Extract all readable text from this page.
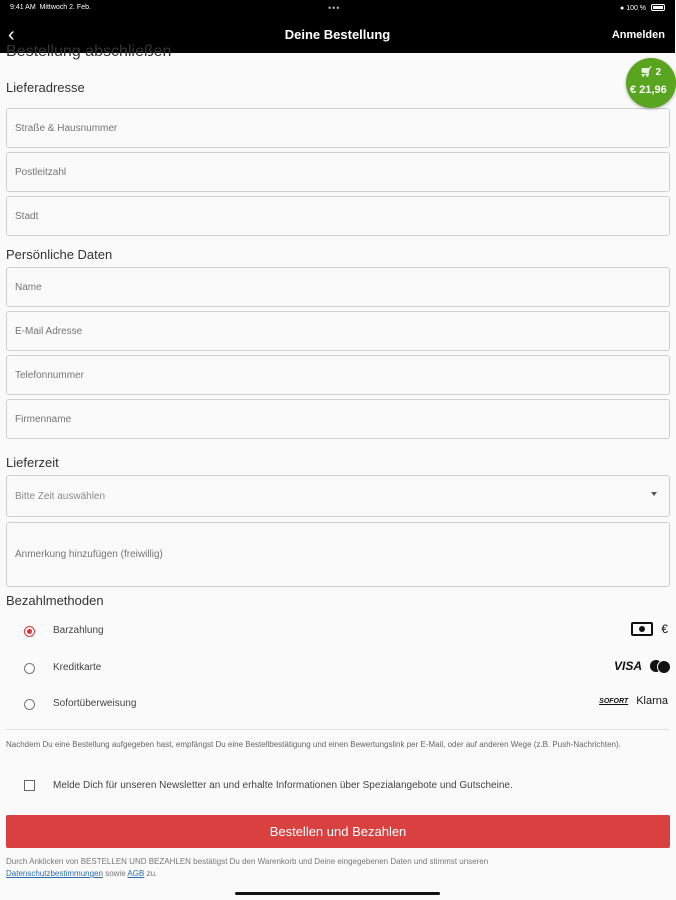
9:41 AM Mittwoch 2. Feb.	•••	● 100 %
‹	Deine Bestellung	Anmelden
Bestellung abschließen
Lieferadresse
Straße & Hausnummer
Postleitzahl
Stadt
Persönliche Daten
Name
E-Mail Adresse
Telefonnummer
Firmenname
Lieferzeit
Bitte Zeit auswählen
Anmerkung hinzufügen (freiwillig)
Bezahlmethoden
Barzahlung	€
Kreditkarte	VISA
Sofortüberweisung	SOFORT Klarna
Nachdem Du eine Bestellung aufgegeben hast, empfängst Du eine Bestellbestätigung und einen Bewertungslink per E-Mail, oder auf anderen Wege (z.B. Push-Nachrichten).
Melde Dich für unseren Newsletter an und erhalte Informationen über Spezialangebote und Gutscheine.
Bestellen und Bezahlen
Durch Anklicken von BESTELLEN UND BEZAHLEN bestätigst Du den Warenkorb und Deine eingegebenen Daten und stimmst unseren
Datenschutzbestimmungen sowie AGB zu.
🛒︎ 2
€ 21,96
